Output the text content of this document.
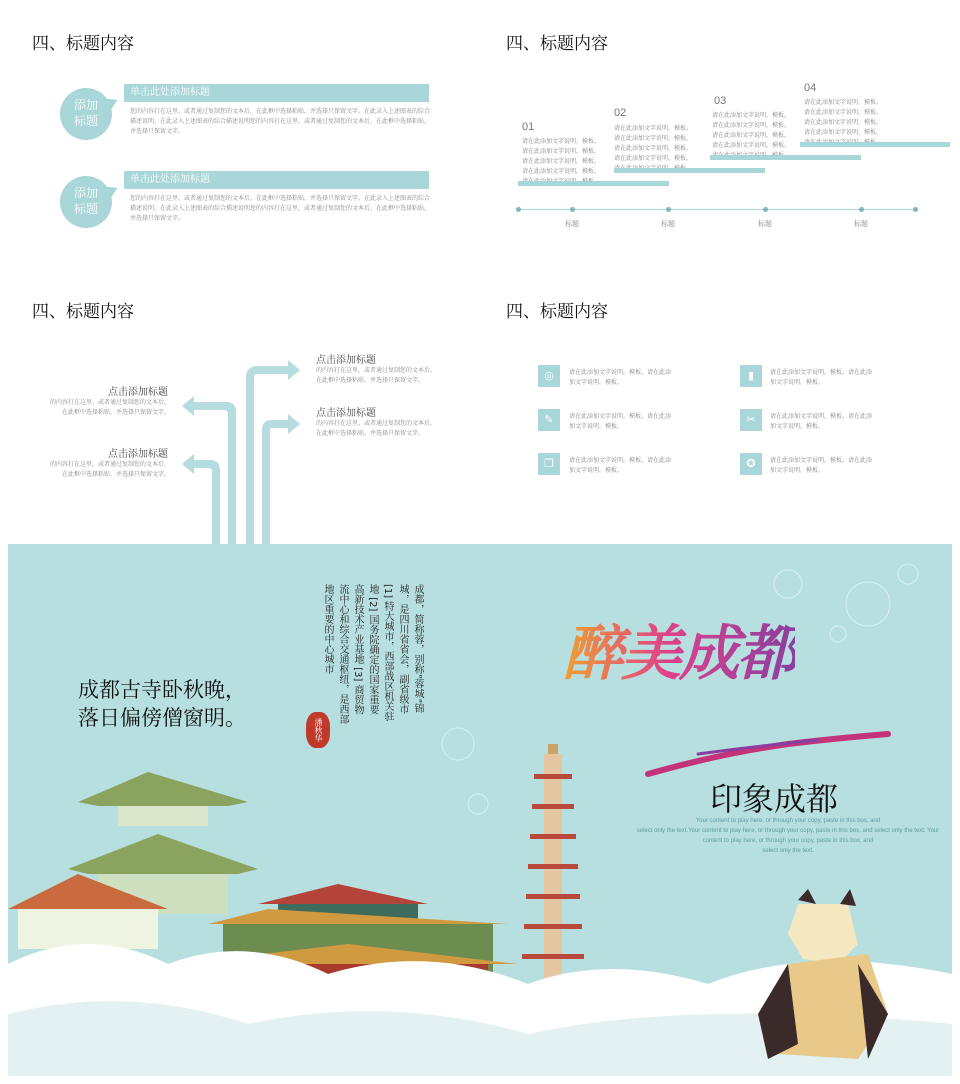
四、标题内容
添加
标题
单击此处添加标题
您的内容打在这里，或者通过复制您的文本后，在此框中选择粘贴，并选择只保留文字。在此录入上述图表的综合描述说明，在此录入上述图表的综合描述说明您的内容打在这里，或者通过复制您的文本后，在此框中选择粘贴，并选择只保留文字。
添加
标题
单击此处添加标题
您的内容打在这里，或者通过复制您的文本后，在此框中选择粘贴，并选择只保留文字。在此录入上述图表的综合描述说明，在此录入上述图表的综合描述说明您的内容打在这里，或者通过复制您的文本后，在此框中选择粘贴，并选择只保留文字。
四、标题内容
01
请在此添加文字说明，模板。
请在此添加文字说明，模板。
请在此添加文字说明，模板。
请在此添加文字说明，模板。

02
请在此添加文字说明，模板。
请在此添加文字说明，模板。
请在此添加文字说明，模板。
请在此添加文字说明，模板。

03
请在此添加文字说明，模板。
请在此添加文字说明，模板。
请在此添加文字说明，模板。
请在此添加文字说明，模板。

04
请在此添加文字说明，模板。
请在此添加文字说明，模板。
请在此添加文字说明，模板。
请在此添加文字说明，模板。

标题	标题	标题	标题
四、标题内容
点击添加标题
的内容打在这里，或者通过复制您的文本后，
在此框中选择粘贴，并选择只保留文字。
点击添加标题
的内容打在这里，或者通过复制您的文本后，
在此框中选择粘贴，并选择只保留文字。
点击添加标题
的内容打在这里，或者通过复制您的文本后，
在此框中选择粘贴，并选择只保留文字。
点击添加标题
的内容打在这里，或者通过复制您的文本后，
在此框中选择粘贴，并选择只保留文字。
四、标题内容
◎	请在此添加文字说明，模板。请在此添
加文字说明，模板。
▮	请在此添加文字说明，模板。请在此添
加文字说明，模板。
✎	请在此添加文字说明，模板。请在此添
加文字说明，模板。
✂	请在此添加文字说明，模板。请在此添
加文字说明，模板。
❐	请在此添加文字说明，模板。请在此添
加文字说明，模板。
✪	请在此添加文字说明，模板。请在此添
加文字说明，模板。
成都古寺卧秋晚，
落日偏傍僧窗明。
成都，简称蓉，别称"蓉城"锦
城，是四川省省会，副省级市
[1] 特大城市，西部战区机关驻
地 [2] 国务院确定的国家重要
高新技术产业基地 [3] 商贸物
流中心和综合交通枢纽，是西部
地区重要的中心城市
潘秋华
醉美成都
印象成都
Your content to play here, or through your copy, paste in this box, and
select only the text.Your content to play here, or through your copy, paste in this box, and select only the text. Your
content to play here, or through your copy, paste in this box, and
select only the text.
